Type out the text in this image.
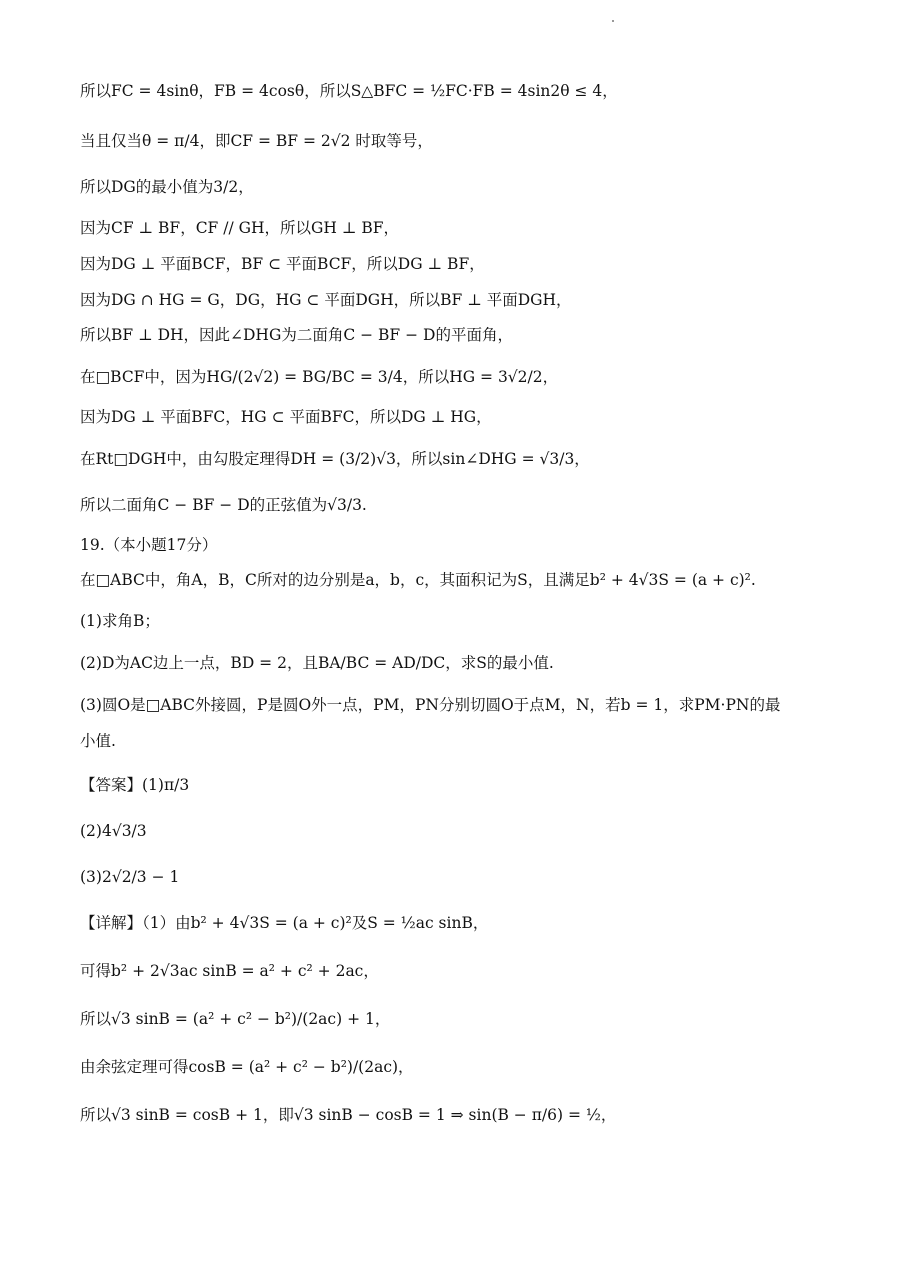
所以FC = 4sinθ，FB = 4cosθ，所以S△BFC = ½FC·FB = 4sin2θ ≤ 4，
当且仅当θ = π/4，即CF = BF = 2√2 时取等号，
所以DG的最小值为3/2，
因为CF ⊥ BF，CF // GH，所以GH ⊥ BF，
因为DG ⊥ 平面BCF，BF ⊂ 平面BCF，所以DG ⊥ BF，
因为DG ∩ HG = G，DG，HG ⊂ 平面DGH，所以BF ⊥ 平面DGH，
所以BF ⊥ DH，因此∠DHG为二面角C − BF − D的平面角，
在□BCF中，因为HG/(2√2) = BG/BC = 3/4，所以HG = 3√2/2，
因为DG ⊥ 平面BFC，HG ⊂ 平面BFC，所以DG ⊥ HG，
在Rt□DGH中，由勾股定理得DH = (3/2)√3，所以sin∠DHG = √3/3，
所以二面角C − BF − D的正弦值为√3/3.
19.（本小题17分）
在□ABC中，角A，B，C所对的边分别是a，b，c，其面积记为S，且满足b² + 4√3S = (a + c)².
(1)求角B；
(2)D为AC边上一点，BD = 2，且BA/BC = AD/DC，求S的最小值.
(3)圆O是□ABC外接圆，P是圆O外一点，PM，PN分别切圆O于点M，N，若b = 1，求PM·PN的最
小值.
【答案】(1)π/3
(2)4√3/3
(3)2√2/3 − 1
【详解】（1）由b² + 4√3S = (a + c)²及S = ½ac sinB，
可得b² + 2√3ac sinB = a² + c² + 2ac，
所以√3 sinB = (a² + c² − b²)/(2ac) + 1，
由余弦定理可得cosB = (a² + c² − b²)/(2ac)，
所以√3 sinB = cosB + 1，即√3 sinB − cosB = 1 ⇒ sin(B − π/6) = ½，
